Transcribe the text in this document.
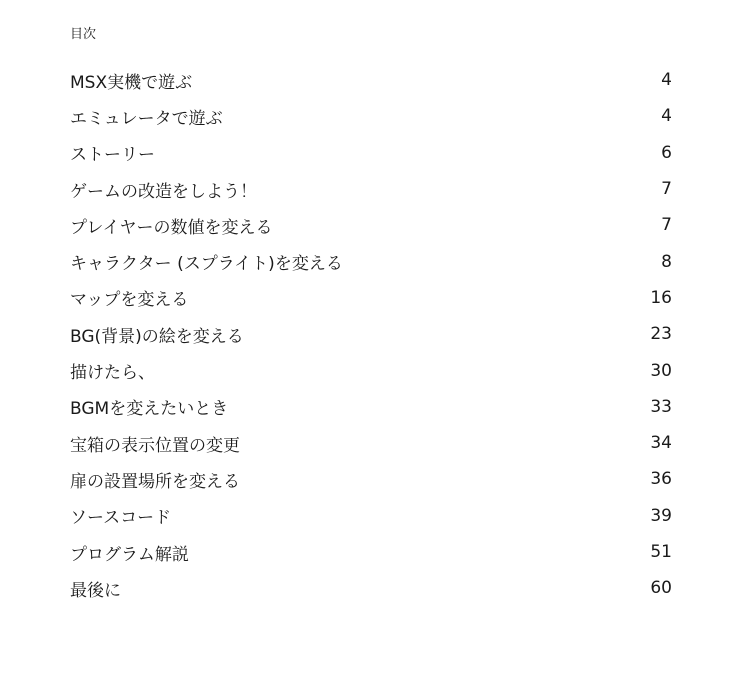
目次
MSX実機で遊ぶ	4
エミュレータで遊ぶ	4
ストーリー	6
ゲームの改造をしよう！	7
プレイヤーの数値を変える	7
キャラクター (スプライト)を変える	8
マップを変える	16
BG(背景)の絵を変える	23
描けたら、	30
BGMを変えたいとき	33
宝箱の表示位置の変更	34
扉の設置場所を変える	36
ソースコード	39
プログラム解説	51
最後に	60
